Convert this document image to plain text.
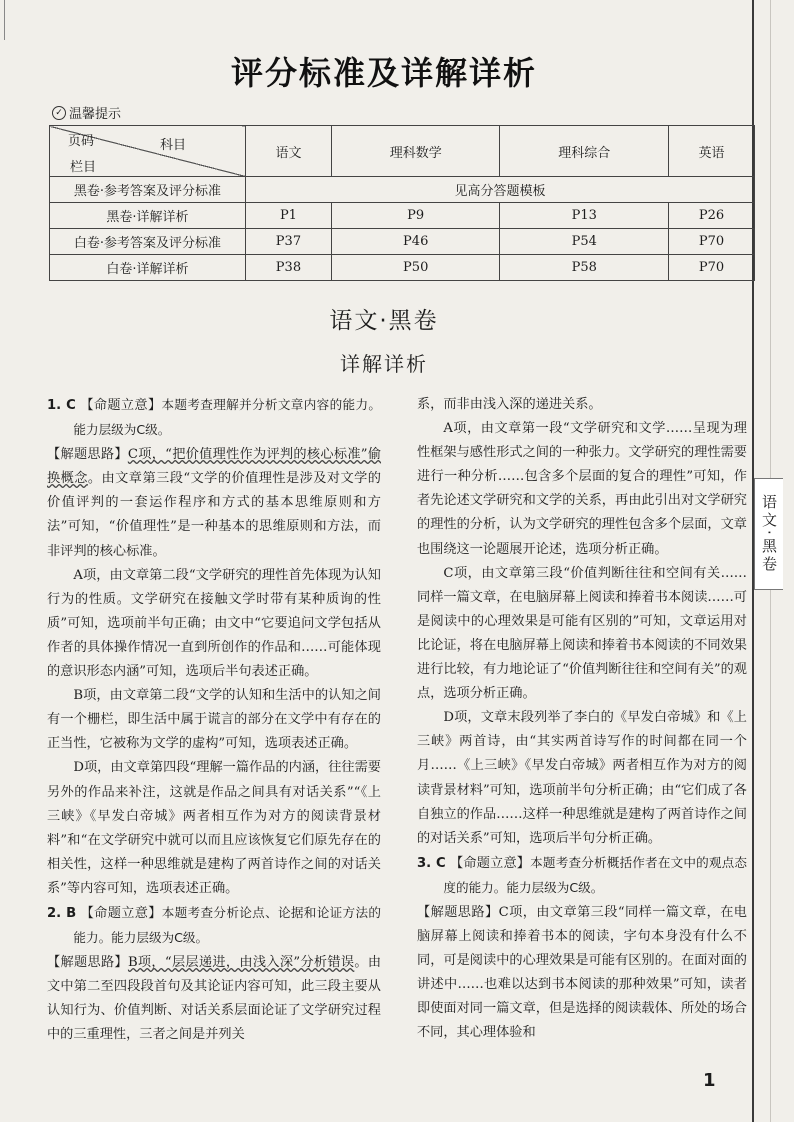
评分标准及详解详析
✓ 温馨提示
页码 科目
栏目	语文	理科数学	理科综合	英语
黑卷·参考答案及评分标准	见高分答题模板			
黑卷·详解详析	P1	P9	P13	P26
白卷·参考答案及评分标准	P37	P46	P54	P70
白卷·详解详析	P38	P50	P58	P70
语文·黑卷
详解详析

1. C 【命题立意】本题考查理解并分析文章内容的能力。能力层级为C级。

【解题思路】C项，“把价值理性作为评判的核心标准”偷换概念。由文章第三段“文学的价值理性是涉及对文学的价值评判的一套运作程序和方式的基本思维原则和方法”可知，“价值理性”是一种基本的思维原则和方法，而非评判的核心标准。

A项，由文章第二段“文学研究的理性首先体现为认知行为的性质。文学研究在接触文学时带有某种质询的性质”可知，选项前半句正确；由文中“它要追问文学包括从作者的具体操作情况一直到所创作的作品和……可能体现的意识形态内涵”可知，选项后半句表述正确。

B项，由文章第二段“文学的认知和生活中的认知之间有一个栅栏，即生活中属于谎言的部分在文学中有存在的正当性，它被称为文学的虚构”可知，选项表述正确。

D项，由文章第四段“理解一篇作品的内涵，往往需要另外的作品来补注，这就是作品之间具有对话关系”“《上三峡》《早发白帝城》两者相互作为对方的阅读背景材料”和“在文学研究中就可以而且应该恢复它们原先存在的相关性，这样一种思维就是建构了两首诗作之间的对话关系”等内容可知，选项表述正确。

2. B 【命题立意】本题考查分析论点、论据和论证方法的能力。能力层级为C级。

【解题思路】B项，“层层递进，由浅入深”分析错误。由文中第二至四段段首句及其论证内容可知，此三段主要从认知行为、价值判断、对话关系层面论证了文学研究过程中的三重理性，三者之间是并列关

系，而非由浅入深的递进关系。

A项，由文章第一段“文学研究和文学……呈现为理性框架与感性形式之间的一种张力。文学研究的理性需要进行一种分析……包含多个层面的复合的理性”可知，作者先论述文学研究和文学的关系，再由此引出对文学研究的理性的分析，认为文学研究的理性包含多个层面，文章也围绕这一论题展开论述，选项分析正确。

C项，由文章第三段“价值判断往往和空间有关……同样一篇文章，在电脑屏幕上阅读和捧着书本阅读……可是阅读中的心理效果是可能有区别的”可知，文章运用对比论证，将在电脑屏幕上阅读和捧着书本阅读的不同效果进行比较，有力地论证了“价值判断往往和空间有关”的观点，选项分析正确。

D项，文章末段列举了李白的《早发白帝城》和《上三峡》两首诗，由“其实两首诗写作的时间都在同一个月……《上三峡》《早发白帝城》两者相互作为对方的阅读背景材料”可知，选项前半句分析正确；由“它们成了各自独立的作品……这样一种思维就是建构了两首诗作之间的对话关系”可知，选项后半句分析正确。

3. C 【命题立意】本题考查分析概括作者在文中的观点态度的能力。能力层级为C级。

【解题思路】C项，由文章第三段“同样一篇文章，在电脑屏幕上阅读和捧着书本的阅读，字句本身没有什么不同，可是阅读中的心理效果是可能有区别的。在面对面的讲述中……也难以达到书本阅读的那种效果”可知，读者即使面对同一篇文章，但是选择的阅读载体、所处的场合不同，其心理体验和

语文·黑卷
1
